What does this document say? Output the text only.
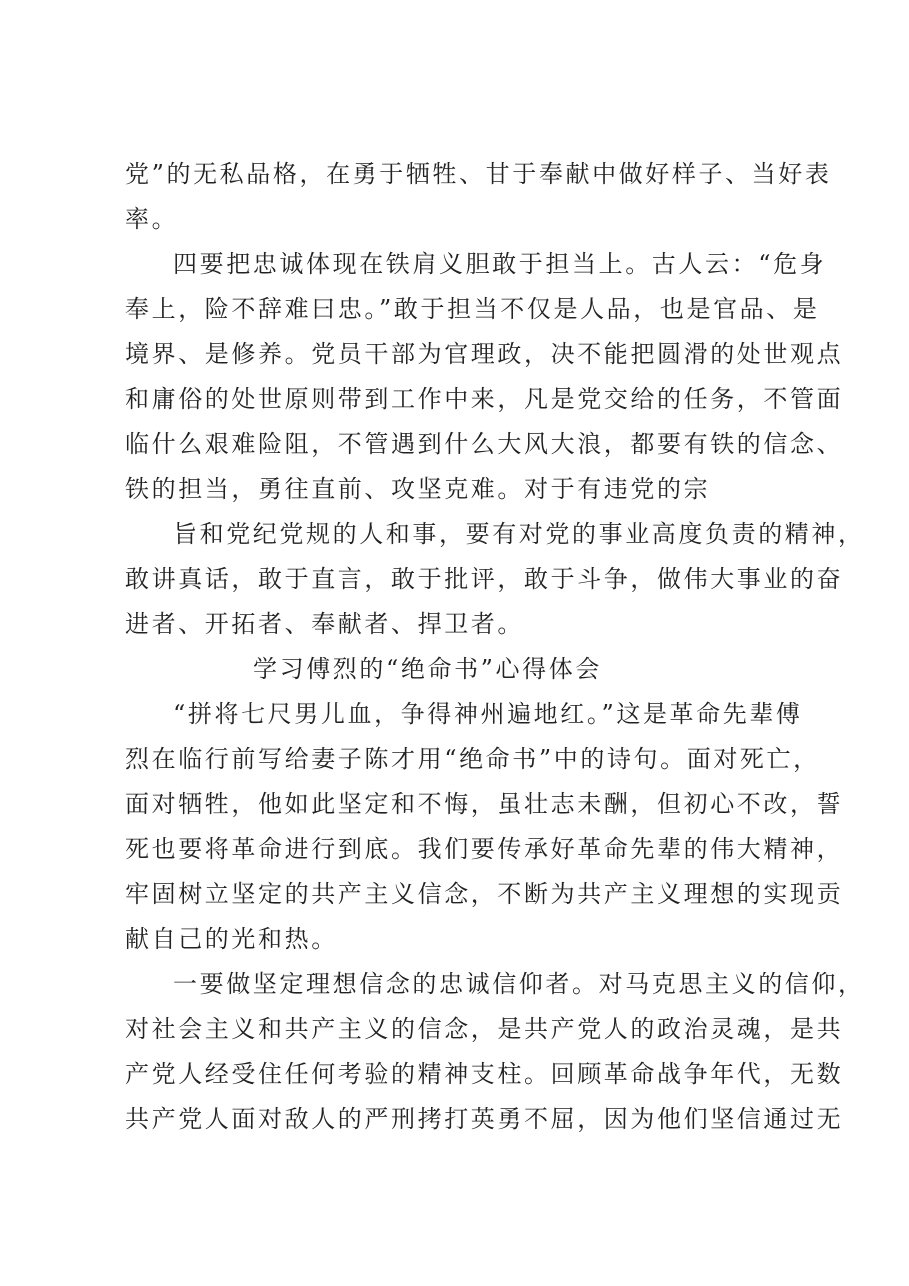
党”的无私品格，在勇于牺牲、甘于奉献中做好样子、当好表
率。
四要把忠诚体现在铁肩义胆敢于担当上。古人云：“危身
奉上，险不辞难曰忠。”敢于担当不仅是人品，也是官品、是
境界、是修养。党员干部为官理政，决不能把圆滑的处世观点
和庸俗的处世原则带到工作中来，凡是党交给的任务，不管面
临什么艰难险阻，不管遇到什么大风大浪，都要有铁的信念、
铁的担当，勇往直前、攻坚克难。对于有违党的宗
旨和党纪党规的人和事，要有对党的事业高度负责的精神，
敢讲真话，敢于直言，敢于批评，敢于斗争，做伟大事业的奋
进者、开拓者、奉献者、捍卫者。
学习傅烈的“绝命书”心得体会
“拼将七尺男儿血，争得神州遍地红。”这是革命先辈傅
烈在临行前写给妻子陈才用“绝命书”中的诗句。面对死亡，
面对牺牲，他如此坚定和不悔，虽壮志未酬，但初心不改，誓
死也要将革命进行到底。我们要传承好革命先辈的伟大精神，
牢固树立坚定的共产主义信念，不断为共产主义理想的实现贡
献自己的光和热。
一要做坚定理想信念的忠诚信仰者。对马克思主义的信仰，
对社会主义和共产主义的信念，是共产党人的政治灵魂，是共
产党人经受住任何考验的精神支柱。回顾革命战争年代，无数
共产党人面对敌人的严刑拷打英勇不屈，因为他们坚信通过无
